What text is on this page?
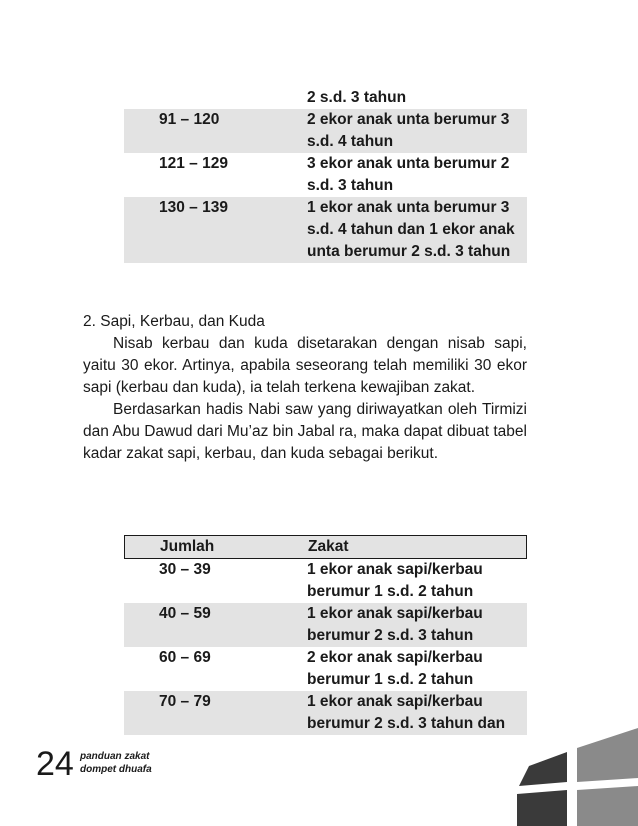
2 s.d. 3 tahun
91 – 120	2 ekor anak unta berumur 3 s.d. 4 tahun
121 – 129	3 ekor anak unta berumur 2 s.d. 3 tahun
130 – 139	1 ekor anak unta berumur 3 s.d. 4 tahun dan 1 ekor anak unta berumur 2 s.d. 3 tahun

2. Sapi, Kerbau, dan Kuda

Nisab kerbau dan kuda disetarakan dengan nisab sapi, yaitu 30 ekor. Artinya, apabila seseorang telah memiliki 30 ekor sapi (kerbau dan kuda), ia telah terkena kewajiban zakat.

Berdasarkan hadis Nabi saw yang diriwayatkan oleh Tirmizi dan Abu Dawud dari Mu’az bin Jabal ra, maka dapat dibuat tabel kadar zakat sapi, kerbau, dan kuda sebagai berikut.

Jumlah	Zakat
30 – 39	1 ekor anak sapi/kerbau berumur 1 s.d. 2 tahun
40 – 59	1 ekor anak sapi/kerbau berumur 2 s.d. 3 tahun
60 – 69	2 ekor anak sapi/kerbau berumur 1 s.d. 2 tahun
70 – 79	1 ekor anak sapi/kerbau berumur 2 s.d. 3 tahun dan
24 panduan zakat
dompet dhuafa
